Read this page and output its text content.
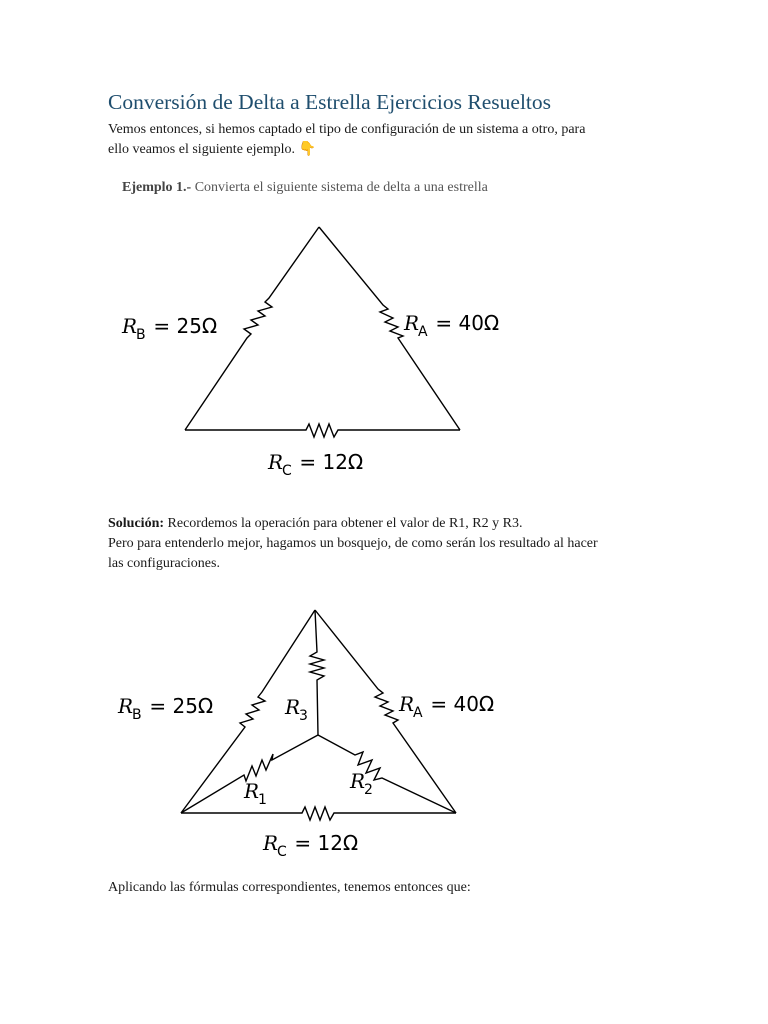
Conversión de Delta a Estrella Ejercicios Resueltos
Vemos entonces, si hemos captado el tipo de configuración de un sistema a otro, para
ello veamos el siguiente ejemplo. 👇
Ejemplo 1.- Convierta el siguiente sistema de delta a una estrella
R
B = 25Ω	R
A = 40Ω
R
C = 12Ω
R
B = 25Ω	R
A = 40Ω
R
C = 12Ω
R
3
R
1
R
2
Solución: Recordemos la operación para obtener el valor de R1, R2 y R3.
Pero para entenderlo mejor, hagamos un bosquejo, de como serán los resultado al hacer
las configuraciones.
Aplicando las fórmulas correspondientes, tenemos entonces que:
